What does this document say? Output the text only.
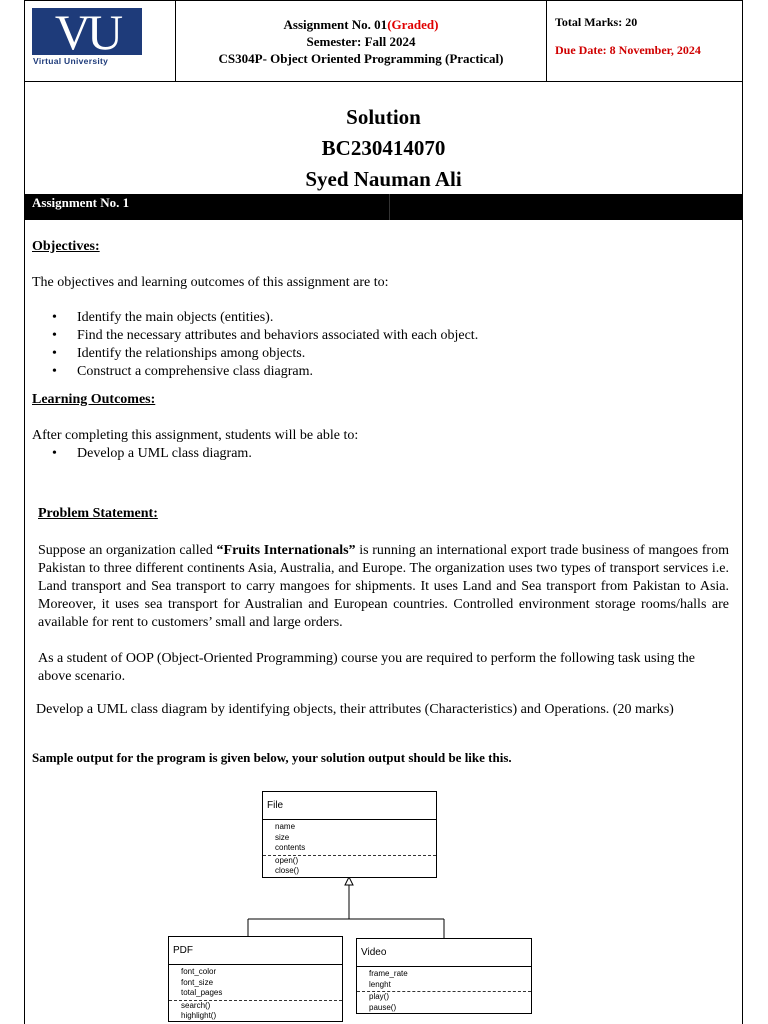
VU
Virtual University
Assignment No. 01(Graded)
Semester: Fall 2024
CS304P- Object Oriented Programming (Practical)
Total Marks: 20
Due Date: 8 November, 2024
Solution
BC230414070
Syed Nauman Ali
Assignment No. 1
Objectives:
The objectives and learning outcomes of this assignment are to:
• Identify the main objects (entities).
• Find the necessary attributes and behaviors associated with each object.
• Identify the relationships among objects.
• Construct a comprehensive class diagram.
Learning Outcomes:
After completing this assignment, students will be able to:
• Develop a UML class diagram.
Problem Statement:
Suppose an organization called “Fruits Internationals” is running an international export trade business of mangoes from Pakistan to three different continents Asia, Australia, and Europe. The organization uses two types of transport services i.e. Land transport and Sea transport to carry mangoes for shipments. It uses Land and Sea transport from Pakistan to Asia. Moreover, it uses sea transport for Australian and European countries. Controlled environment storage rooms/halls are available for rent to customers’ small and large orders.
As a student of OOP (Object-Oriented Programming) course you are required to perform the following task using the above scenario.
Develop a UML class diagram by identifying objects, their attributes (Characteristics) and Operations. (20 marks)
Sample output for the program is given below, your solution output should be like this.
File
name
size
contents
open()
close()
PDF
font_color
font_size
total_pages
search()
highlight()
Video
frame_rate
lenght
play()
pause()
